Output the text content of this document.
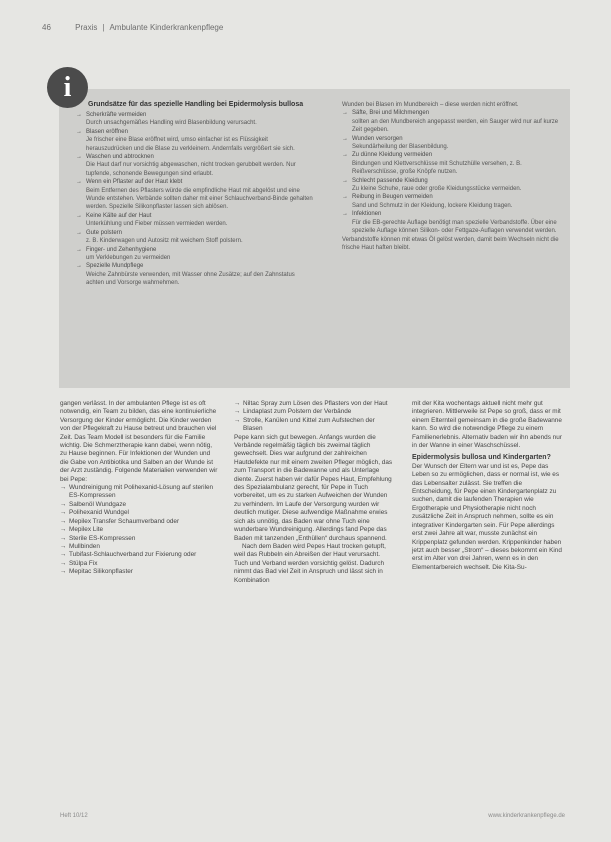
46	Praxis | Ambulante Kinderkrankenpflege
i
Grundsätze für das spezielle Handling bei Epidermolysis bullosa
→ Scherkräfte vermeiden
Durch unsachgemäßes Handling wird Blasenbildung verursacht.
→ Blasen eröffnen
Je frischer eine Blase eröffnet wird, umso einfacher ist es Flüssigkeit herauszudrücken und die Blase zu verkleinern. Andernfalls vergrößert sie sich.
→ Waschen und abtrocknen
Die Haut darf nur vorsichtig abgewaschen, nicht trocken gerubbelt werden. Nur tupfende, schonende Bewegungen sind erlaubt.
→ Wenn ein Pflaster auf der Haut klebt
Beim Entfernen des Pflasters würde die empfindliche Haut mit abgelöst und eine Wunde entstehen. Verbände sollten daher mit einer Schlauchverband-Binde gehalten werden. Spezielle Silikonpflaster lassen sich ablösen.
→ Keine Kälte auf der Haut
Unterkühlung und Fieber müssen vermieden werden.
→ Gute polstern
z. B. Kinderwagen und Autositz mit weichem Stoff polstern.
→ Finger- und Zehenhygiene
um Verklebungen zu vermeiden
→ Spezielle Mundpflege
Weiche Zahnbürste verwenden, mit Wasser ohne Zusätze; auf den Zahnstatus achten und Vorsorge wahrnehmen.
Wunden bei Blasen im Mundbereich – diese werden nicht eröffnet.
→ Säfte, Brei und Milchmengen
sollten an den Mundbereich angepasst werden, ein Sauger wird nur auf kurze Zeit gegeben.
→ Wunden versorgen
Sekundärheilung der Blasenbildung.
→ Zu dünne Kleidung vermeiden
Bindungen und Klettverschlüsse mit Schutzhülle versehen, z. B. Reißverschlüsse, große Knöpfe nutzen.
→ Schlecht passende Kleidung
Zu kleine Schuhe, raue oder große Kleidungsstücke vermeiden.
→ Reibung in Beugen vermeiden
Sand und Schmutz in der Kleidung, lockere Kleidung tragen.
→ Infektionen
Für die EB-gerechte Auflage benötigt man spezielle Verbandstoffe. Über eine spezielle Auflage können Silikon- oder Fettgaze-Auflagen verwendet werden.
Verbandstoffe können mit etwas Öl gelöst werden, damit beim Wechseln nicht die frische Haut haften bleibt.

gangen verlässt. In der ambulanten Pflege ist es oft notwendig, ein Team zu bilden, das eine kontinuierliche Versorgung der Kinder ermöglicht. Die Kinder werden von der Pflegekraft zu Hause betreut und brauchen viel Zeit. Das Team Modell ist besonders für die Familie wichtig. Die Schmerztherapie kann dabei, wenn nötig, zu Hause beginnen. Für Infektionen der Wunden und die Gabe von Antibiotika und Salben an der Wunde ist der Arzt zuständig. Folgende Materialien verwenden wir bei Pepe:

→ Wundreinigung mit Polihexanid-Lösung auf sterilen ES-Kompressen
→ Salbenöl Wundgaze
→ Polihexanid Wundgel
→ Mepilex Transfer Schaumverband oder
→ Mepilex Lite
→ Sterile ES-Kompressen
→ Mullbinden
→ Tubifast-Schlauchverband zur Fixierung oder
→ Stülpa Fix
→ Mepitac Silikonpflaster
→ Niltac Spray zum Lösen des Pflasters von der Haut
→ Lindaplast zum Polstern der Verbände
→ Strolle, Kanülen und Kittel zum Aufstechen der Blasen

Pepe kann sich gut bewegen. Anfangs wurden die Verbände regelmäßig täglich bis zweimal täglich gewechselt. Dies war aufgrund der zahlreichen Hautdefekte nur mit einem zweiten Pfleger möglich, das zum Transport in die Badewanne und als Unterlage diente. Zuerst haben wir dafür Pepes Haut, Empfehlung des Spezialambulanz gerecht, für Pepe in Tuch vorbereitet, um es zu starken Aufweichen der Wunden zu verhindern. Im Laufe der Versorgung wurden wir deutlich mutiger. Diese aufwendige Maßnahme erwies sich als unnötig, das Baden war ohne Tuch eine wunderbare Wundreinigung. Allerdings fand Pepe das Baden mit tanzenden „Enthüllen“ durchaus spannend.

Nach dem Baden wird Pepes Haut trocken getupft, weil das Rubbeln ein Abreißen der Haut verursacht. Tuch und Verband werden vorsichtig gelöst. Dadurch nimmt das Bad viel Zeit in Anspruch und lässt sich in Kombination

mit der Kita wochentags aktuell nicht mehr gut integrieren. Mittlerweile ist Pepe so groß, dass er mit einem Elternteil gemeinsam in die große Badewanne kann. So wird die notwendige Pflege zu einem Familienerlebnis. Alternativ baden wir ihn abends nur in der Wanne in einer Waschschüssel.

Epidermolysis bullosa und Kindergarten?

Der Wunsch der Eltern war und ist es, Pepe das Leben so zu ermöglichen, dass er normal ist, wie es das Lebensalter zulässt. Sie treffen die Entscheidung, für Pepe einen Kindergartenplatz zu suchen, damit die laufenden Therapien wie Ergotherapie und Physiotherapie nicht noch zusätzliche Zeit in Anspruch nehmen, sollte es ein integrativer Kindergarten sein. Für Pepe allerdings erst zwei Jahre alt war, musste zunächst ein Krippenplatz gefunden werden. Krippenkinder haben jetzt auch besser „Strom“ – dieses bekommt ein Kind erst im Alter von drei Jahren, wenn es in den Elementarbereich wechselt. Die Kita-Su-

Heft 10/12	www.kinderkrankenpflege.de
